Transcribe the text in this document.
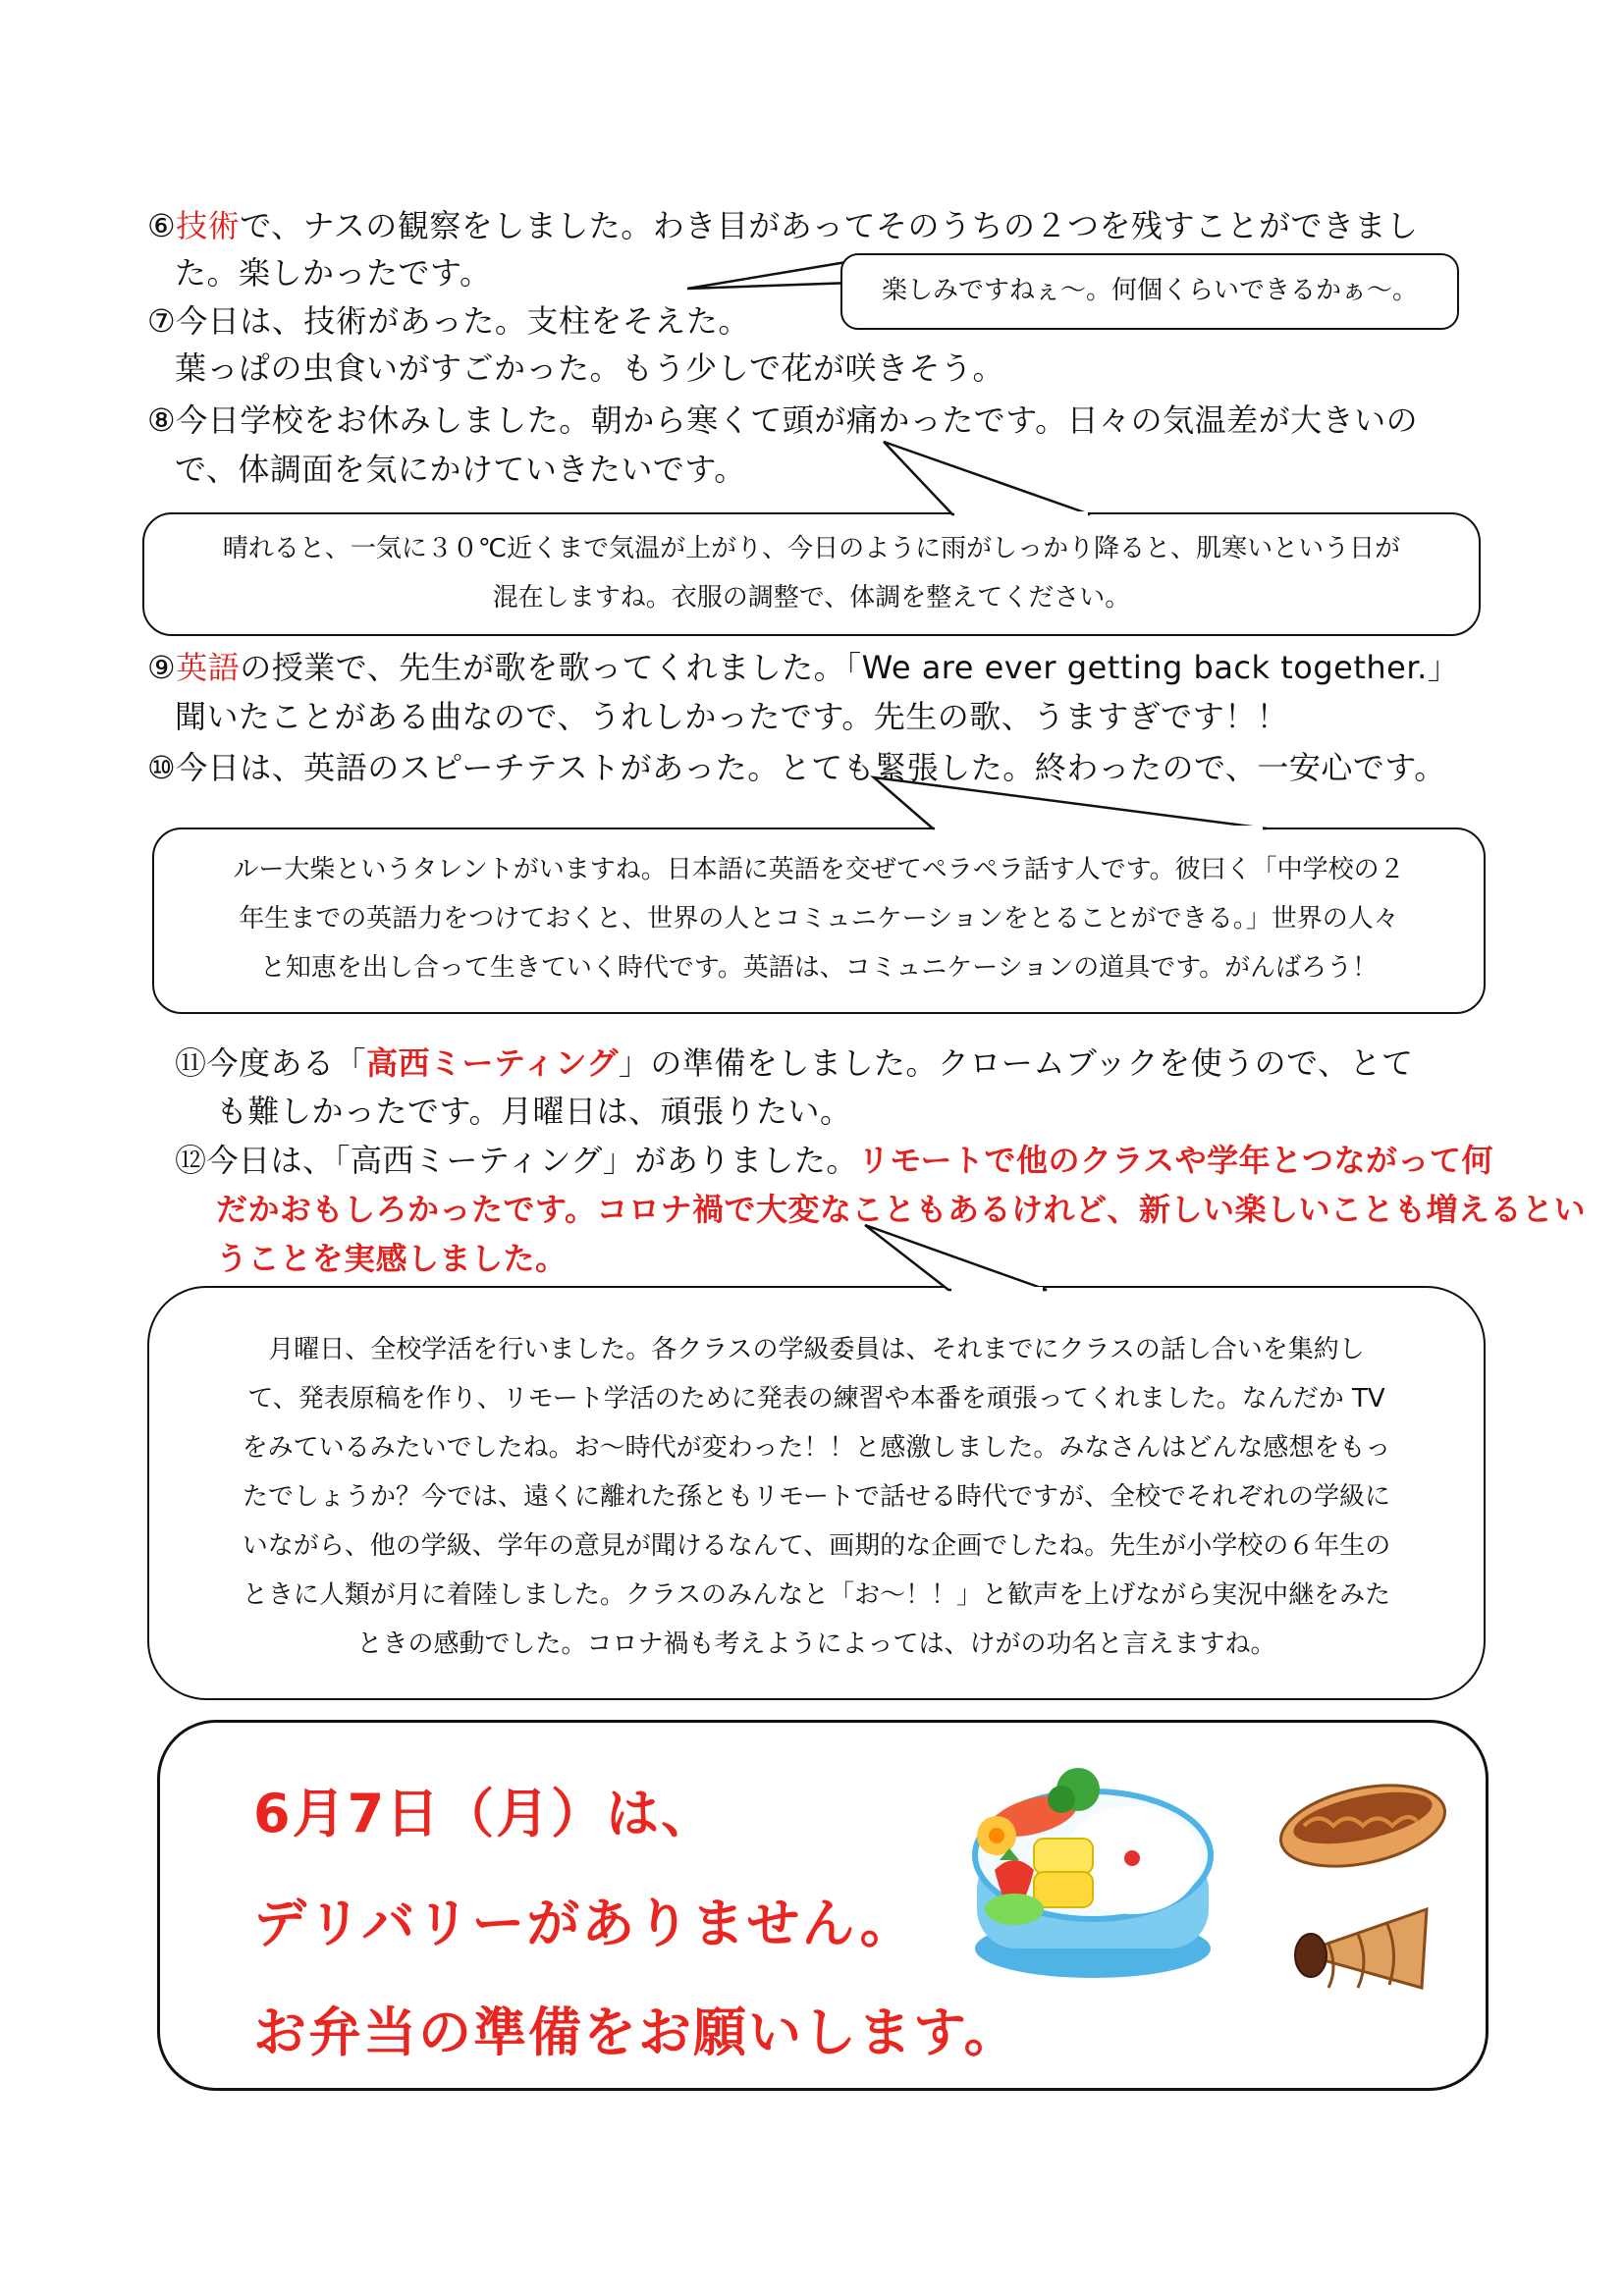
⑥技術で、ナスの観察をしました。わき目があってそのうちの２つを残すことができまし
た。楽しかったです。	楽しみですねぇ〜。何個くらいできるかぁ〜。
⑦今日は、技術があった。支柱をそえた。
葉っぱの虫食いがすごかった。もう少しで花が咲きそう。
⑧今日学校をお休みしました。朝から寒くて頭が痛かったです。日々の気温差が大きいの
で、体調面を気にかけていきたいです。
晴れると、一気に３０℃近くまで気温が上がり、今日のように雨がしっかり降ると、肌寒いという日が
混在しますね。衣服の調整で、体調を整えてください。
⑨英語の授業で、先生が歌を歌ってくれました。「We are ever getting back together.」
聞いたことがある曲なので、うれしかったです。先生の歌、うますぎです！！
⑩今日は、英語のスピーチテストがあった。とても緊張した。終わったので、一安心です。
ルー大柴というタレントがいますね。日本語に英語を交ぜてペラペラ話す人です。彼曰く「中学校の２
年生までの英語力をつけておくと、世界の人とコミュニケーションをとることができる。」世界の人々
と知恵を出し合って生きていく時代です。英語は、コミュニケーションの道具です。がんばろう！
⑪今度ある「高西ミーティング」の準備をしました。クロームブックを使うので、とて
も難しかったです。月曜日は、頑張りたい。
⑫今日は、「高西ミーティング」がありました。リモートで他のクラスや学年とつながって何
だかおもしろかったです。コロナ禍で大変なこともあるけれど、新しい楽しいことも増えるとい
うことを実感しました。
月曜日、全校学活を行いました。各クラスの学級委員は、それまでにクラスの話し合いを集約し
て、発表原稿を作り、リモート学活のために発表の練習や本番を頑張ってくれました。なんだか TV
をみているみたいでしたね。お〜時代が変わった！！と感激しました。みなさんはどんな感想をもっ
たでしょうか？今では、遠くに離れた孫ともリモートで話せる時代ですが、全校でそれぞれの学級に
いながら、他の学級、学年の意見が聞けるなんて、画期的な企画でしたね。先生が小学校の６年生の
ときに人類が月に着陸しました。クラスのみんなと「お〜！！」と歓声を上げながら実況中継をみた
ときの感動でした。コロナ禍も考えようによっては、けがの功名と言えますね。
6月7日（月）は、
デリバリーがありません。
お弁当の準備をお願いします。
